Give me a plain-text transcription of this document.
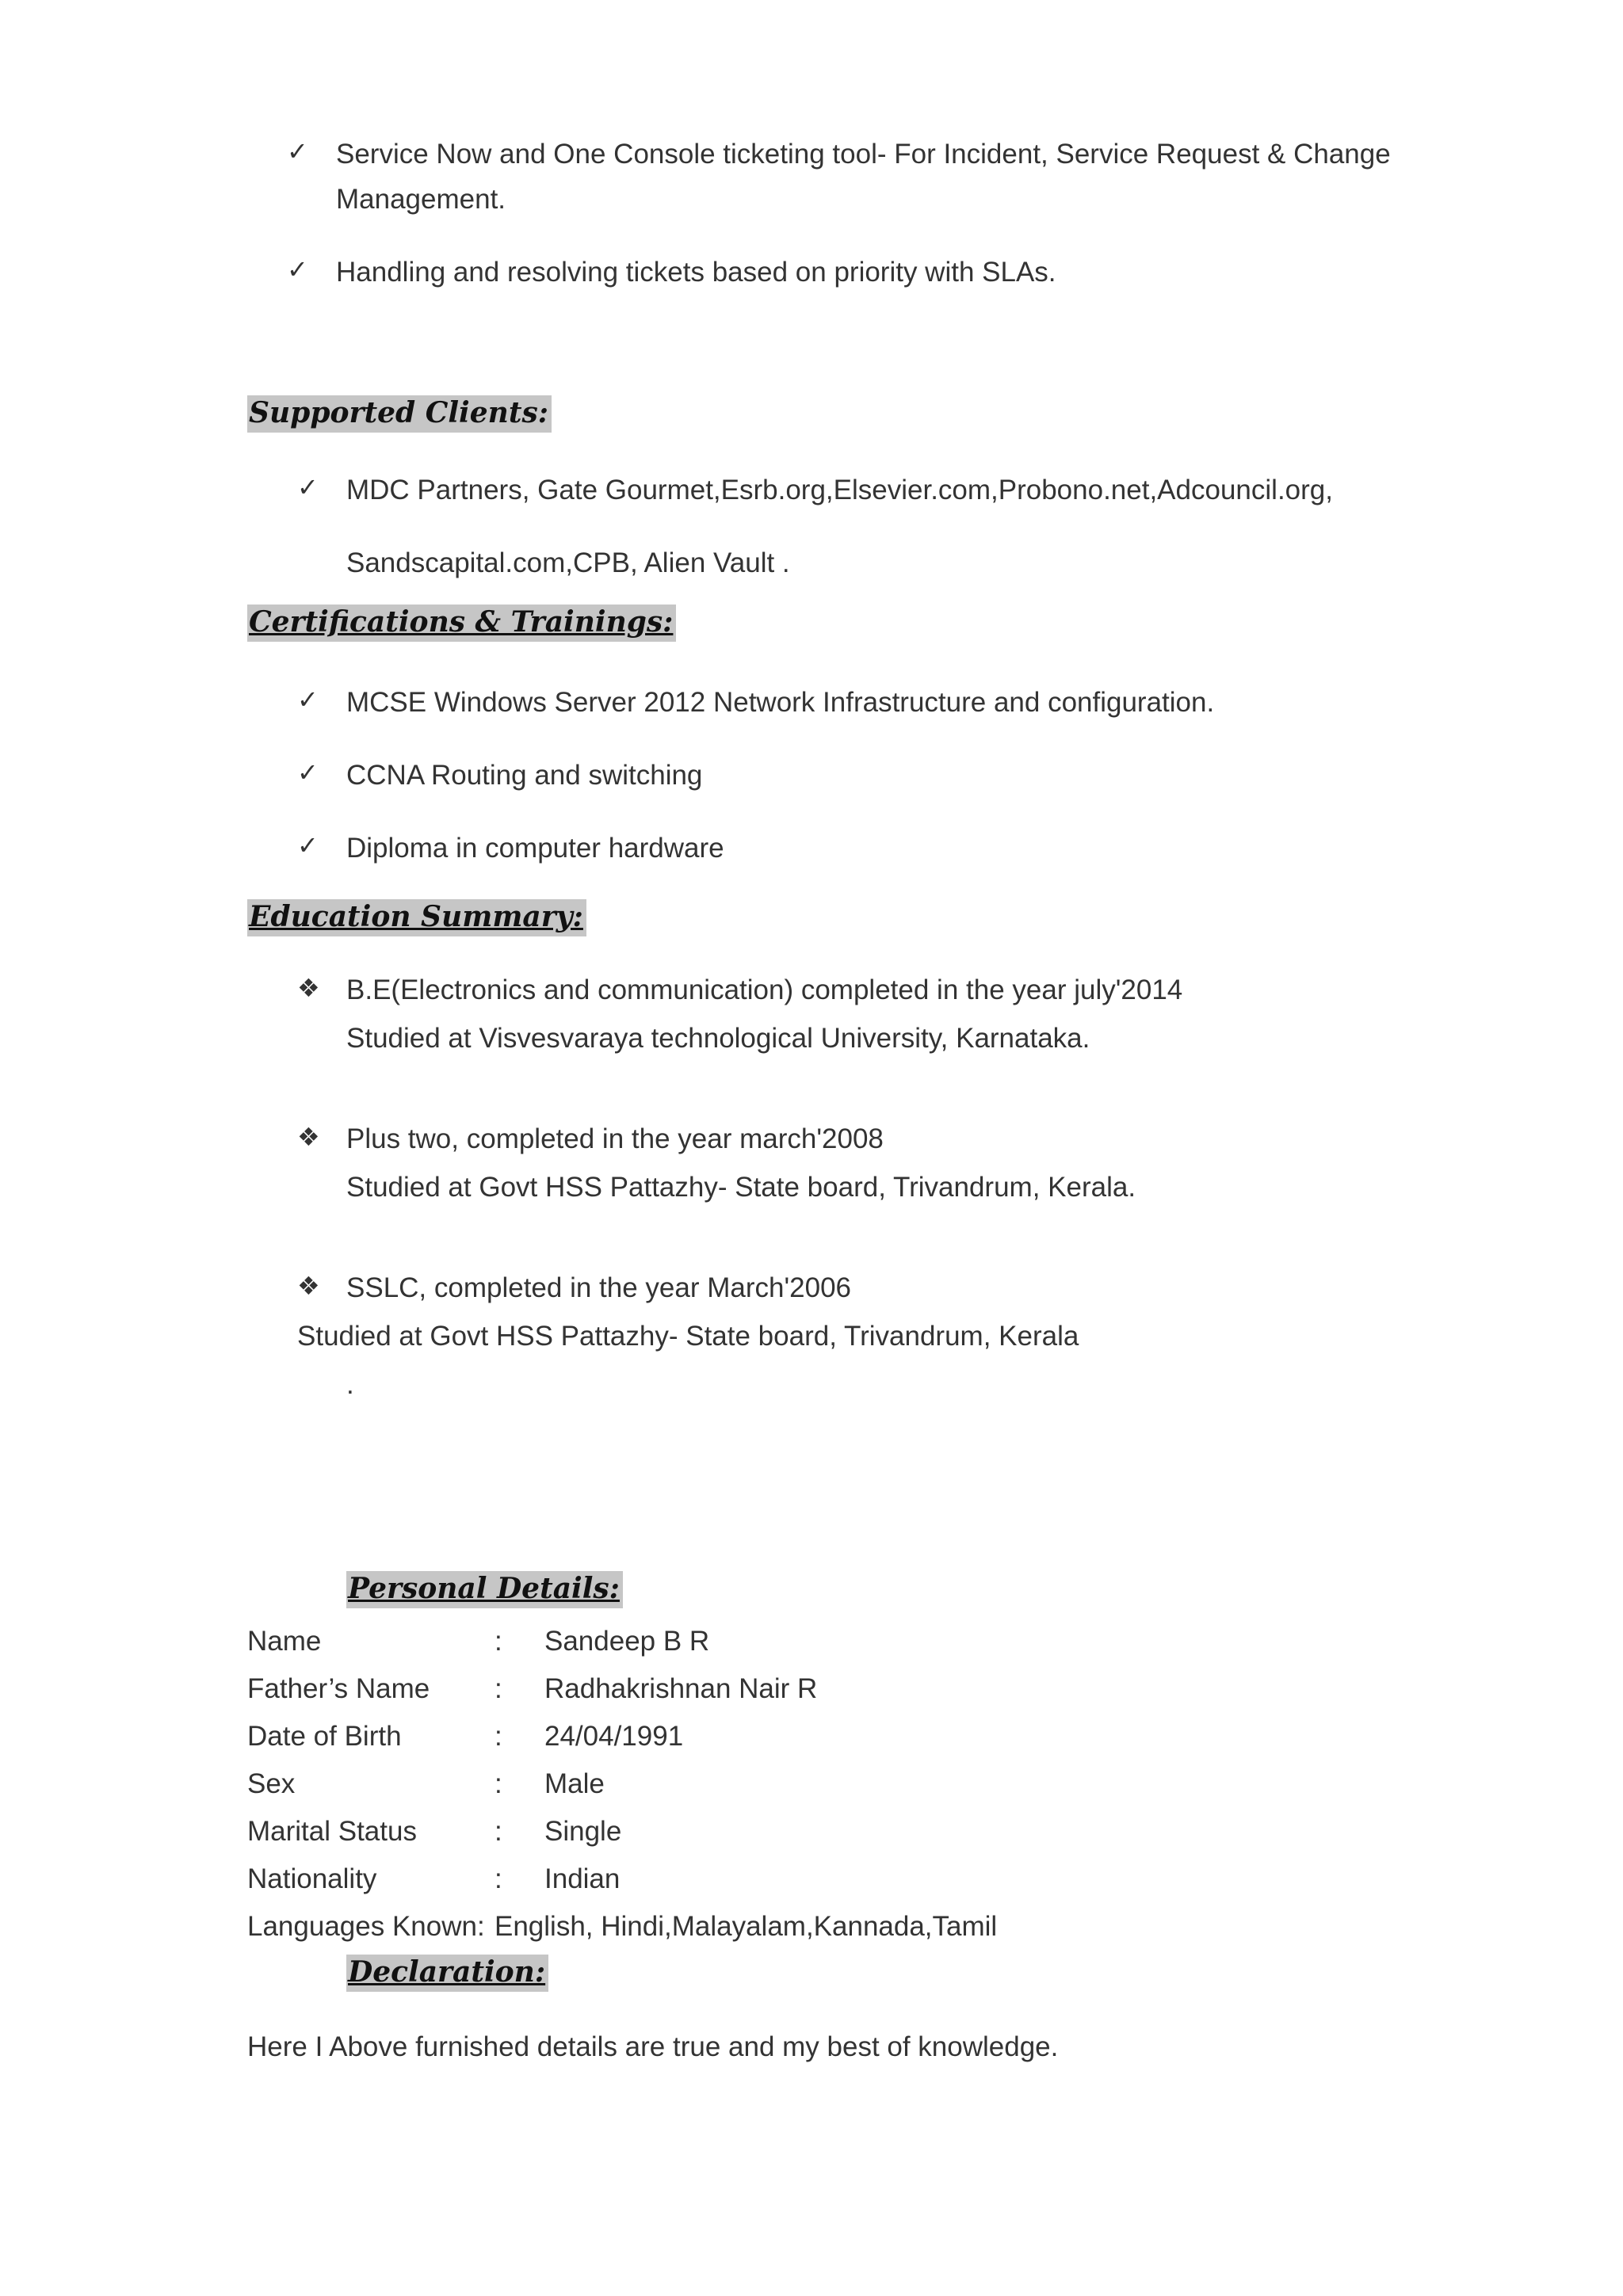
✓ Service Now and One Console ticketing tool- For Incident, Service Request & Change
Management.
✓ Handling and resolving tickets based on priority with SLAs.
Supported Clients:
✓ MDC Partners, Gate Gourmet,Esrb.org,Elsevier.com,Probono.net,Adcouncil.org,
Sandscapital.com,CPB, Alien Vault .
Certifications & Trainings:
✓ MCSE Windows Server 2012 Network Infrastructure and configuration.
✓ CCNA Routing and switching
✓ Diploma in computer hardware
Education Summary:
❖ B.E(Electronics and communication) completed in the year july'2014
Studied at Visvesvaraya technological University, Karnataka.
❖ Plus two, completed in the year march'2008
Studied at Govt HSS Pattazhy- State board, Trivandrum, Kerala.
❖ SSLC, completed in the year March'2006
Studied at Govt HSS Pattazhy- State board, Trivandrum, Kerala
.
Personal Details:
Name	: Sandeep B R
Father’s Name : Radhakrishnan Nair R
Date of Birth	: 24/04/1991
Sex	: Male
Marital Status	: Single
Nationality	: Indian
Languages Known: English, Hindi,Malayalam,Kannada,Tamil
Declaration:
Here I Above furnished details are true and my best of knowledge.
